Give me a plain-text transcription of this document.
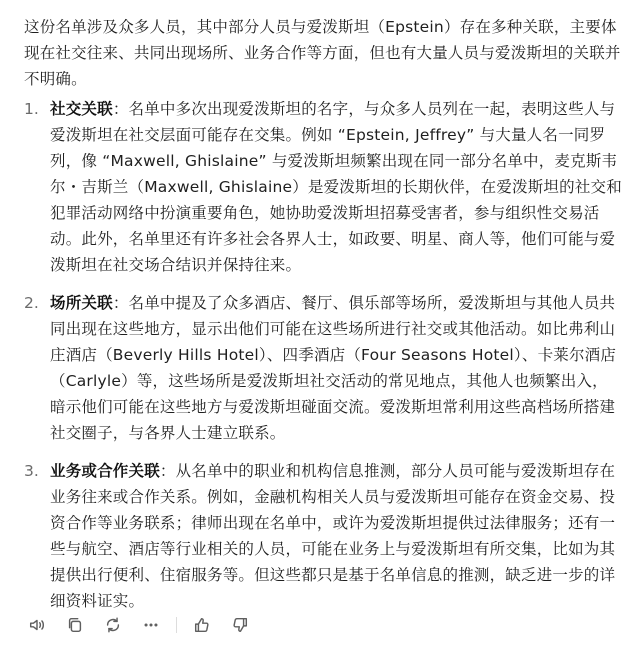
这份名单涉及众多人员，其中部分人员与爱泼斯坦（Epstein）存在多种关联，主要体现在社交往来、共同出现场所、业务合作等方面，但也有大量人员与爱泼斯坦的关联并不明确。
1. 社交关联：名单中多次出现爱泼斯坦的名字，与众多人员列在一起，表明这些人与爱泼斯坦在社交层面可能存在交集。例如 “Epstein, Jeffrey” 与大量人名一同罗列，像 “Maxwell, Ghislaine” 与爱泼斯坦频繁出现在同一部分名单中，麦克斯韦尔・吉斯兰（Maxwell, Ghislaine）是爱泼斯坦的长期伙伴，在爱泼斯坦的社交和犯罪活动网络中扮演重要角色，她协助爱泼斯坦招募受害者，参与组织性交易活动。此外，名单里还有许多社会各界人士，如政要、明星、商人等，他们可能与爱泼斯坦在社交场合结识并保持往来。
2. 场所关联：名单中提及了众多酒店、餐厅、俱乐部等场所，爱泼斯坦与其他人员共同出现在这些地方，显示出他们可能在这些场所进行社交或其他活动。如比弗利山庄酒店（Beverly Hills Hotel）、四季酒店（Four Seasons Hotel）、卡莱尔酒店（Carlyle）等，这些场所是爱泼斯坦社交活动的常见地点，其他人也频繁出入，暗示他们可能在这些地方与爱泼斯坦碰面交流。爱泼斯坦常利用这些高档场所搭建社交圈子，与各界人士建立联系。
3. 业务或合作关联：从名单中的职业和机构信息推测，部分人员可能与爱泼斯坦存在业务往来或合作关系。例如，金融机构相关人员与爱泼斯坦可能存在资金交易、投资合作等业务联系；律师出现在名单中，或许为爱泼斯坦提供过法律服务；还有一些与航空、酒店等行业相关的人员，可能在业务上与爱泼斯坦有所交集，比如为其提供出行便利、住宿服务等。但这些都只是基于名单信息的推测，缺乏进一步的详细资料证实。
